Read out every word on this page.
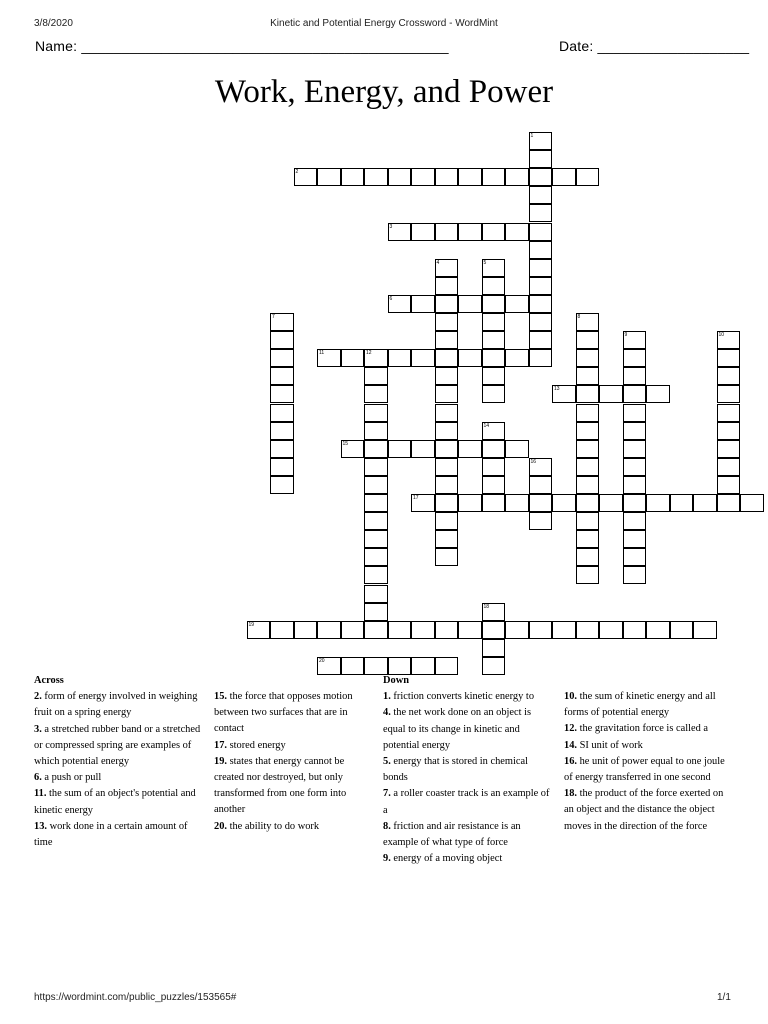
3/8/2020	Kinetic and Potential Energy Crossword - WordMint
Name: ______________________________________________	Date: ___________________
Work, Energy, and Power
1
2
3
4	5
6
7	8
9	10
11	12
13
14
15
16
17
18
19
20
Across
2. form of energy involved in weighing fruit on a spring energy
3. a stretched rubber band or a stretched or compressed spring are examples of which potential energy
6. a push or pull
11. the sum of an object's potential and kinetic energy
13. work done in a certain amount of time
15. the force that opposes motion between two surfaces that are in contact
17. stored energy
19. states that energy cannot be created nor destroyed, but only transformed from one form into another
20. the ability to do work
Down
1. friction converts kinetic energy to
4. the net work done on an object is equal to its change in kinetic and potential energy
5. energy that is stored in chemical bonds
7. a roller coaster track is an example of a
8. friction and air resistance is an example of what type of force
9. energy of a moving object
10. the sum of kinetic energy and all forms of potential energy
12. the gravitation force is called a
14. SI unit of work
16. he unit of power equal to one joule of energy transferred in one second
18. the product of the force exerted on an object and the distance the object moves in the direction of the force
https://wordmint.com/public_puzzles/153565#	1/1
